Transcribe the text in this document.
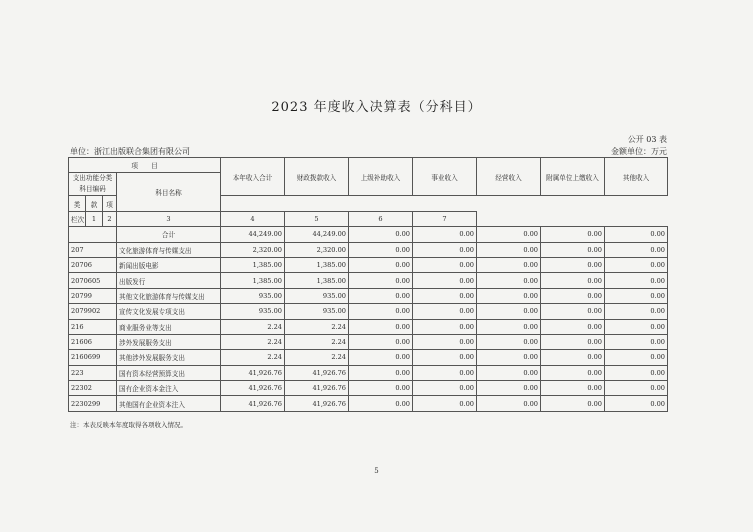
2023 年度收入决算表（分科目）
公开 03 表
单位：浙江出版联合集团有限公司	金额单位：万元
项　　目				本年收入合计	财政拨款收入	上级补助收入	事业收入	经营收入	附属单位上缴收入	其他收入
支出功能分类科目编码			科目名称							
类	款	项								
栏次	1	2	3	4	5	6	7			
			合计	44,249.00	44,249.00	0.00	0.00	0.00	0.00	0.00
207			文化旅游体育与传媒支出	2,320.00	2,320.00	0.00	0.00	0.00	0.00	0.00
20706			新闻出版电影	1,385.00	1,385.00	0.00	0.00	0.00	0.00	0.00
2070605			出版发行	1,385.00	1,385.00	0.00	0.00	0.00	0.00	0.00
20799			其他文化旅游体育与传媒支出	935.00	935.00	0.00	0.00	0.00	0.00	0.00
2079902			宣传文化发展专项支出	935.00	935.00	0.00	0.00	0.00	0.00	0.00
216			商业服务业等支出	2.24	2.24	0.00	0.00	0.00	0.00	0.00
21606			涉外发展服务支出	2.24	2.24	0.00	0.00	0.00	0.00	0.00
2160699			其他涉外发展服务支出	2.24	2.24	0.00	0.00	0.00	0.00	0.00
223			国有资本经营预算支出	41,926.76	41,926.76	0.00	0.00	0.00	0.00	0.00
22302			国有企业资本金注入	41,926.76	41,926.76	0.00	0.00	0.00	0.00	0.00
2230299			其他国有企业资本注入	41,926.76	41,926.76	0.00	0.00	0.00	0.00	0.00
注：本表反映本年度取得各项收入情况。
5
